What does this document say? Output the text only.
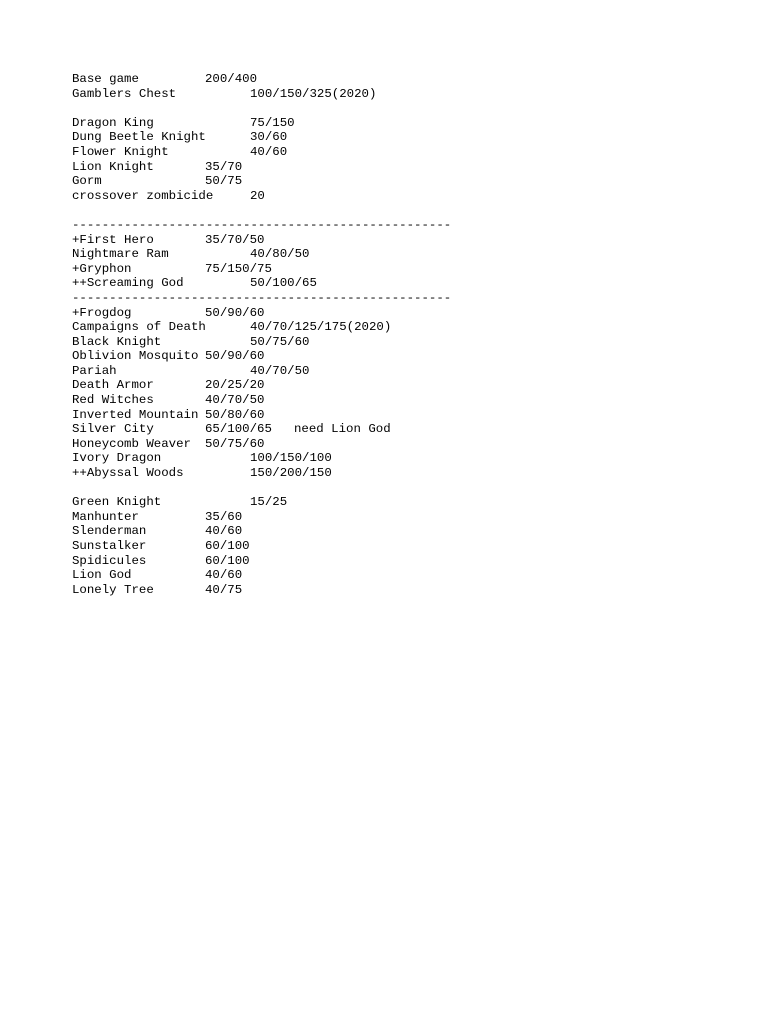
Base game	200/400
Gamblers Chest	100/150/325(2020)
Dragon King	75/150
Dung Beetle Knight	30/60
Flower Knight	40/60
Lion Knight	35/70
Gorm	50/75
crossover zombicide	20
---------------------------------------------------
+First Hero	35/70/50
Nightmare Ram	40/80/50
+Gryphon	75/150/75
++Screaming God	50/100/65
---------------------------------------------------
+Frogdog	50/90/60
Campaigns of Death	40/70/125/175(2020)
Black Knight	50/75/60
Oblivion Mosquito 50/90/60
Pariah	40/70/50
Death Armor	20/25/20
Red Witches	40/70/50
Inverted Mountain 50/80/60
Silver City	65/100/65 need Lion God
Honeycomb Weaver 50/75/60
Ivory Dragon	100/150/100
++Abyssal Woods	150/200/150
Green Knight	15/25
Manhunter	35/60
Slenderman	40/60
Sunstalker	60/100
Spidicules	60/100
Lion God	40/60
Lonely Tree	40/75
